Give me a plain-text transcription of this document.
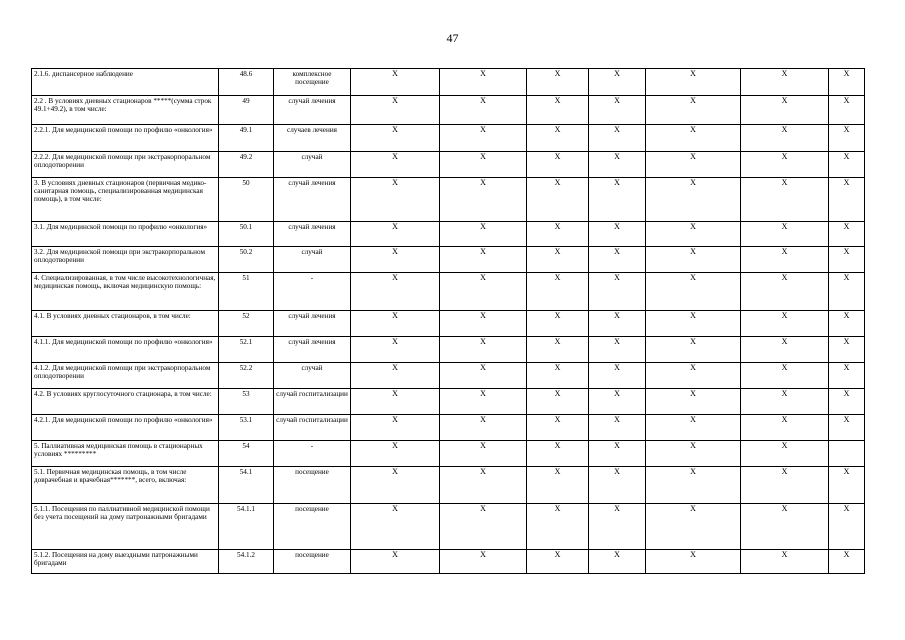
47
2.1.6. диспансерное наблюдение	48.6	комплексное посещение	X	X	X	X	X	X	X
2.2 . В условиях дневных стационаров *****(сумма строк 49.1+49.2), в том числе:	49	случай лечения	X	X	X	X	X	X	X
2.2.1. Для медицинской помощи по профилю «онкология»	49.1	случаев лечения	X	X	X	X	X	X	X
2.2.2. Для медицинской помощи при экстракорпоральном оплодотворении	49.2	случай	X	X	X	X	X	X	X
3. В условиях дневных стационаров (первичная медико-санитарная помощь, специализированная медицинская помощь), в том числе:	50	случай лечения	X	X	X	X	X	X	X
3.1. Для медицинской помощи по профилю «онкология»	50.1	случай лечения	X	X	X	X	X	X	X
3.2. Для медицинской помощи при экстракорпоральном оплодотворении	50.2	случай	X	X	X	X	X	X	X
4. Специализированная, в том числе высокотехнологичная, медицинская помощь, включая медицинскую помощь:	51	-	X	X	X	X	X	X	X
4.1. В условиях дневных стационаров, в том числе:	52	случай лечения	X	X	X	X	X	X	X
4.1.1. Для медицинской помощи по профилю «онкология»	52.1	случай лечения	X	X	X	X	X	X	X
4.1.2. Для медицинской помощи при экстракорпоральном оплодотворении	52.2	случай	X	X	X	X	X	X	X
4.2. В условиях круглосуточного стационара, в том числе:	53	случай госпитализации	X	X	X	X	X	X	X
4.2.1. Для медицинской помощи по профилю «онкология»	53.1	случай госпитализации	X	X	X	X	X	X	X
5. Паллиативная медицинская помощь в стационарных условиях *********	54	-	X	X	X	X	X	X	
5.1. Первичная медицинская помощь, в том числе доврачебная и врачебная*******, всего, включая:	54.1	посещение	X	X	X	X	X	X	X
5.1.1. Посещения по паллиативной медицинской помощи без учета посещений на дому патронажными бригадами	54.1.1	посещение	X	X	X	X	X	X	X
5.1.2. Посещения на дому выездными патронажными бригадами	54.1.2	посещение	X	X	X	X	X	X	X
